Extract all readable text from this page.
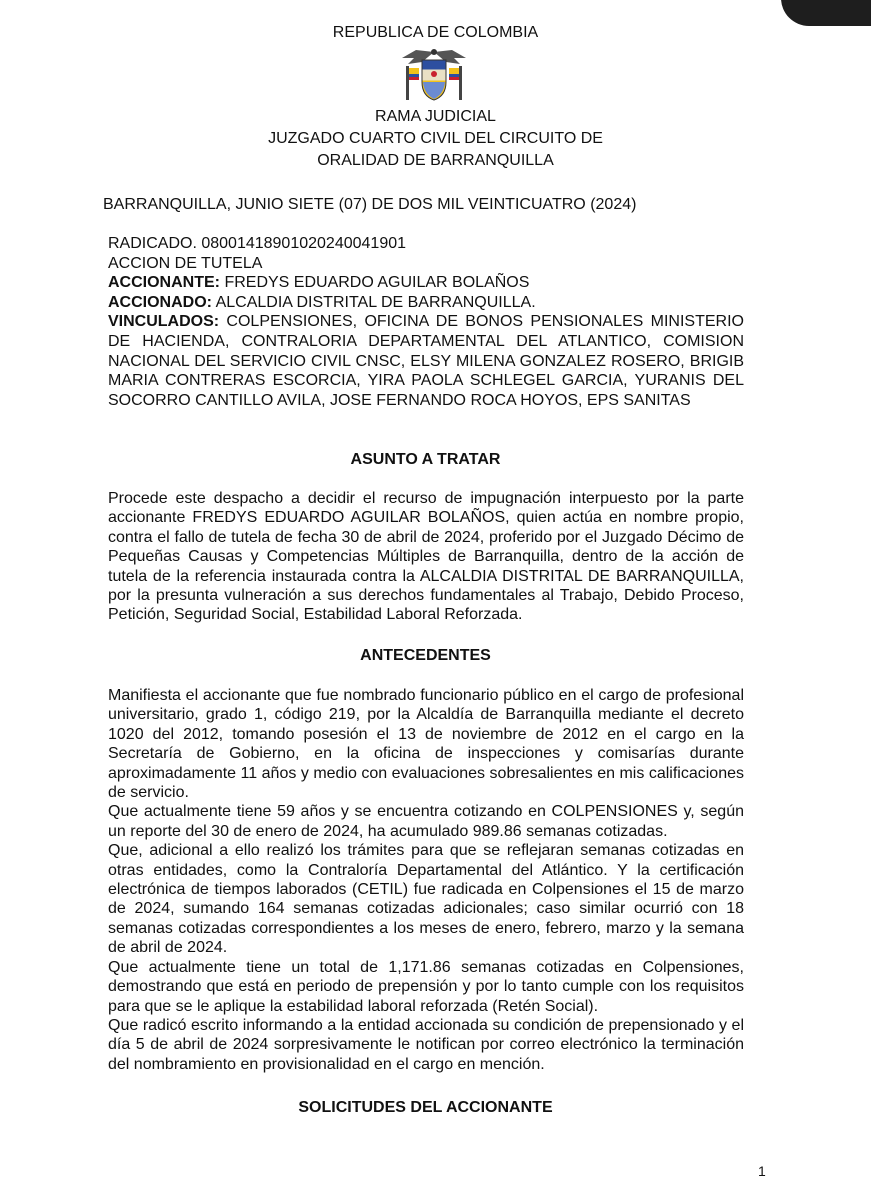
REPUBLICA DE COLOMBIA
RAMA JUDICIAL
JUZGADO CUARTO CIVIL DEL CIRCUITO DE
ORALIDAD DE BARRANQUILLA
BARRANQUILLA, JUNIO SIETE (07) DE DOS MIL VEINTICUATRO (2024)
RADICADO. 08001418901020240041901
ACCION DE TUTELA
ACCIONANTE: FREDYS EDUARDO AGUILAR BOLAÑOS
ACCIONADO: ALCALDIA DISTRITAL DE BARRANQUILLA.
VINCULADOS: COLPENSIONES, OFICINA DE BONOS PENSIONALES MINISTERIO DE HACIENDA, CONTRALORIA DEPARTAMENTAL DEL ATLANTICO, COMISION NACIONAL DEL SERVICIO CIVIL CNSC, ELSY MILENA GONZALEZ ROSERO, BRIGIB MARIA CONTRERAS ESCORCIA, YIRA PAOLA SCHLEGEL GARCIA, YURANIS DEL SOCORRO CANTILLO AVILA, JOSE FERNANDO ROCA HOYOS, EPS SANITAS
ASUNTO A TRATAR
Procede este despacho a decidir el recurso de impugnación interpuesto por la parte accionante FREDYS EDUARDO AGUILAR BOLAÑOS, quien actúa en nombre propio, contra el fallo de tutela de fecha 30 de abril de 2024, proferido por el Juzgado Décimo de Pequeñas Causas y Competencias Múltiples de Barranquilla, dentro de la acción de tutela de la referencia instaurada contra la ALCALDIA DISTRITAL DE BARRANQUILLA, por la presunta vulneración a sus derechos fundamentales al Trabajo, Debido Proceso, Petición, Seguridad Social, Estabilidad Laboral Reforzada.
ANTECEDENTES
Manifiesta el accionante que fue nombrado funcionario público en el cargo de profesional universitario, grado 1, código 219, por la Alcaldía de Barranquilla mediante el decreto 1020 del 2012, tomando posesión el 13 de noviembre de 2012 en el cargo en la Secretaría de Gobierno, en la oficina de inspecciones y comisarías durante aproximadamente 11 años y medio con evaluaciones sobresalientes en mis calificaciones de servicio.
Que actualmente tiene 59 años y se encuentra cotizando en COLPENSIONES y, según un reporte del 30 de enero de 2024, ha acumulado 989.86 semanas cotizadas.
Que, adicional a ello realizó los trámites para que se reflejaran semanas cotizadas en otras entidades, como la Contraloría Departamental del Atlántico. Y la certificación electrónica de tiempos laborados (CETIL) fue radicada en Colpensiones el 15 de marzo de 2024, sumando 164 semanas cotizadas adicionales; caso similar ocurrió con 18 semanas cotizadas correspondientes a los meses de enero, febrero, marzo y la semana de abril de 2024.
Que actualmente tiene un total de 1,171.86 semanas cotizadas en Colpensiones, demostrando que está en periodo de prepensión y por lo tanto cumple con los requisitos para que se le aplique la estabilidad laboral reforzada (Retén Social).
Que radicó escrito informando a la entidad accionada su condición de prepensionado y el día 5 de abril de 2024 sorpresivamente le notifican por correo electrónico la terminación del nombramiento en provisionalidad en el cargo en mención.
SOLICITUDES DEL ACCIONANTE
1
